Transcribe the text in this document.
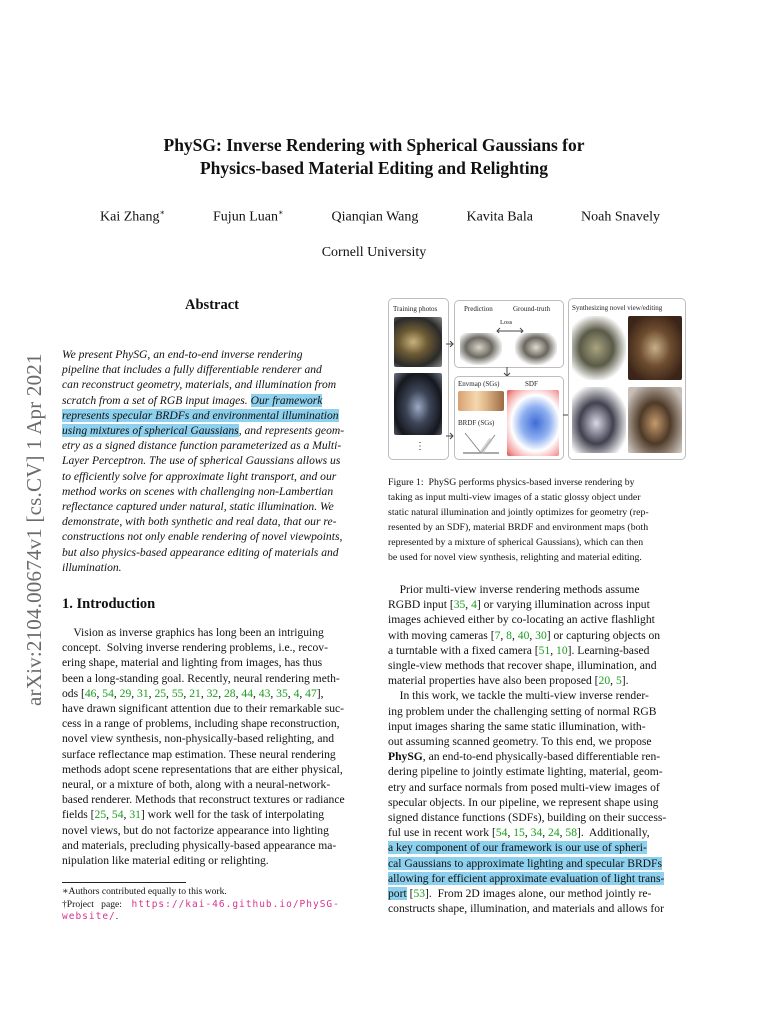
arXiv:2104.00674v1 [cs.CV] 1 Apr 2021
PhySG: Inverse Rendering with Spherical Gaussians for
Physics-based Material Editing and Relighting
Kai Zhang∗	Fujun Luan∗	Qianqian Wang	Kavita Bala	Noah Snavely
Cornell University
Abstract
We present PhySG, an end-to-end inverse rendering
pipeline that includes a fully differentiable renderer and
can reconstruct geometry, materials, and illumination from
scratch from a set of RGB input images. Our framework
represents specular BRDFs and environmental illumination
using mixtures of spherical Gaussians, and represents geom-
etry as a signed distance function parameterized as a Multi-
Layer Perceptron. The use of spherical Gaussians allows us
to efficiently solve for approximate light transport, and our
method works on scenes with challenging non-Lambertian
reflectance captured under natural, static illumination. We
demonstrate, with both synthetic and real data, that our re-
constructions not only enable rendering of novel viewpoints,
but also physics-based appearance editing of materials and
illumination.
1. Introduction
Vision as inverse graphics has long been an intriguing
concept.  Solving inverse rendering problems, i.e., recov-
ering shape, material and lighting from images, has thus
been a long-standing goal. Recently, neural rendering meth-
ods [46, 54, 29, 31, 25, 55, 21, 32, 28, 44, 43, 35, 4, 47],
have drawn significant attention due to their remarkable suc-
cess in a range of problems, including shape reconstruction,
novel view synthesis, non-physically-based relighting, and
surface reflectance map estimation. These neural rendering
methods adopt scene representations that are either physical,
neural, or a mixture of both, along with a neural-network-
based renderer. Methods that reconstruct textures or radiance
fields [25, 54, 31] work well for the task of interpolating
novel views, but do not factorize appearance into lighting
and materials, precluding physically-based appearance ma-
nipulation like material editing or relighting.
∗Authors contributed equally to this work.
†Project   page:    https://kai-46.github.io/PhySG-
website/.
Training photos
⋮
Prediction	Ground-truth
Loss
Envmap (SGs)	SDF
BRDF (SGs)
Synthesizing novel view/editing
Figure 1:  PhySG performs physics-based inverse rendering by
taking as input multi-view images of a static glossy object under
static natural illumination and jointly optimizes for geometry (rep-
resented by an SDF), material BRDF and environment maps (both
represented by a mixture of spherical Gaussians), which can then
be used for novel view synthesis, relighting and material editing.
Prior multi-view inverse rendering methods assume
RGBD input [35, 4] or varying illumination across input
images achieved either by co-locating an active flashlight
with moving cameras [7, 8, 40, 30] or capturing objects on
a turntable with a fixed camera [51, 10]. Learning-based
single-view methods that recover shape, illumination, and
material properties have also been proposed [20, 5].
In this work, we tackle the multi-view inverse render-
ing problem under the challenging setting of normal RGB
input images sharing the same static illumination, with-
out assuming scanned geometry. To this end, we propose
PhySG, an end-to-end physically-based differentiable ren-
dering pipeline to jointly estimate lighting, material, geom-
etry and surface normals from posed multi-view images of
specular objects. In our pipeline, we represent shape using
signed distance functions (SDFs), building on their success-
ful use in recent work [54, 15, 34, 24, 58].  Additionally,
a key component of our framework is our use of spheri-
cal Gaussians to approximate lighting and specular BRDFs
allowing for efficient approximate evaluation of light trans-
port [53].  From 2D images alone, our method jointly re-
constructs shape, illumination, and materials and allows for
